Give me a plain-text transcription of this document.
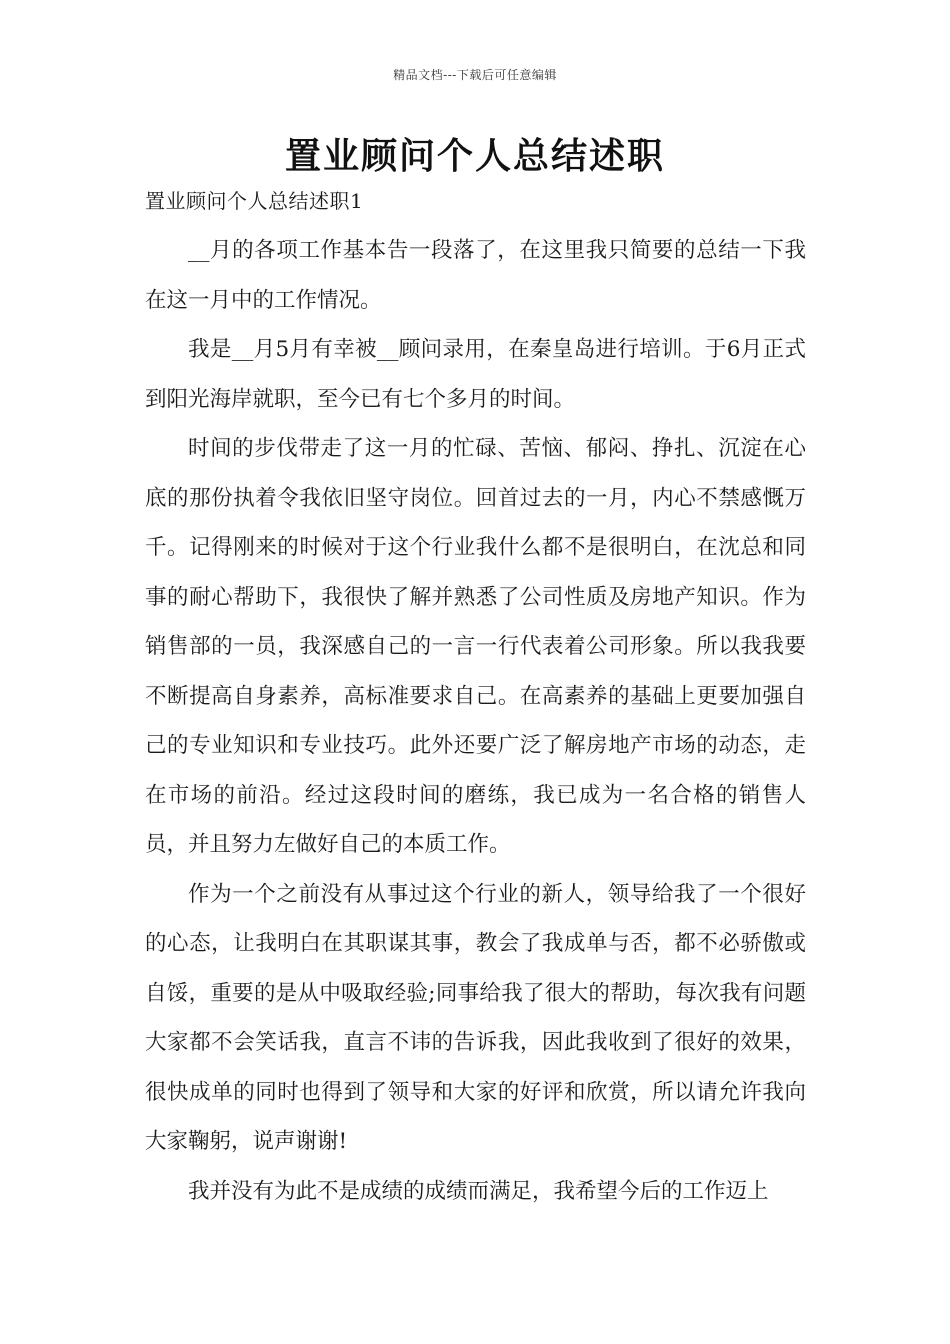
精品文档---下载后可任意编辑
置业顾问个人总结述职

置业顾问个人总结述职1

__月的各项工作基本告一段落了，在这里我只简要的总结一下我在这一月中的工作情况。

我是__月5月有幸被__顾问录用，在秦皇岛进行培训。于6月正式到阳光海岸就职，至今已有七个多月的时间。

时间的步伐带走了这一月的忙碌、苦恼、郁闷、挣扎、沉淀在心底的那份执着令我依旧坚守岗位。回首过去的一月，内心不禁感慨万千。记得刚来的时候对于这个行业我什么都不是很明白，在沈总和同事的耐心帮助下，我很快了解并熟悉了公司性质及房地产知识。作为销售部的一员，我深感自己的一言一行代表着公司形象。所以我我要不断提高自身素养，高标准要求自己。在高素养的基础上更要加强自己的专业知识和专业技巧。此外还要广泛了解房地产市场的动态，走在市场的前沿。经过这段时间的磨练，我已成为一名合格的销售人员，并且努力左做好自己的本质工作。

作为一个之前没有从事过这个行业的新人，领导给我了一个很好的心态，让我明白在其职谋其事，教会了我成单与否，都不必骄傲或自馁，重要的是从中吸取经验;同事给我了很大的帮助，每次我有问题大家都不会笑话我，直言不讳的告诉我，因此我收到了很好的效果，很快成单的同时也得到了领导和大家的好评和欣赏，所以请允许我向大家鞠躬，说声谢谢!

我并没有为此不是成绩的成绩而满足，我希望今后的工作迈上
